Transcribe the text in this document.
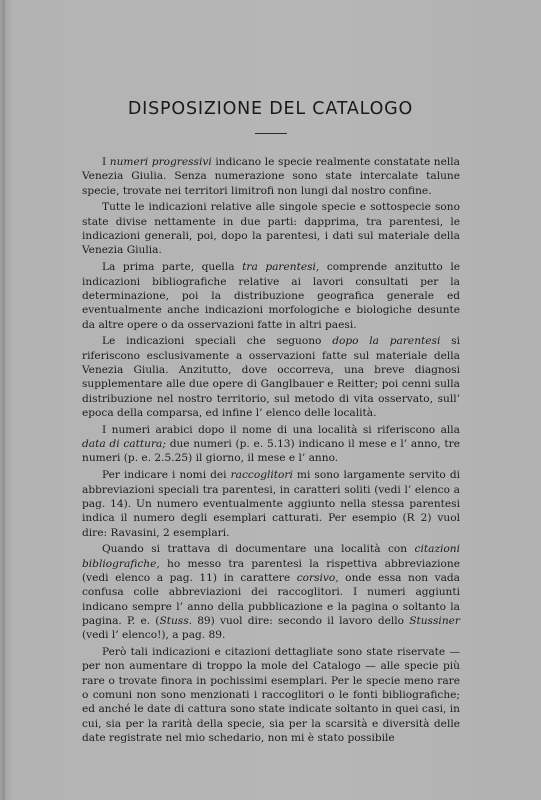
DISPOSIZIONE DEL CATALOGO

I numeri progressivi indicano le specie realmente constatate nella Venezia Giulia. Senza numerazione sono state intercalate talune specie, trovate nei territori limitrofi non lungi dal nostro confine.

Tutte le indicazioni relative alle singole specie e sottospecie sono state divise nettamente in due parti: dapprima, tra parentesi, le indicazioni generali, poi, dopo la parentesi, i dati sul materiale della Venezia Giulia.

La prima parte, quella tra parentesi, comprende anzitutto le indicazioni bibliografiche relative ai lavori consultati per la determinazione, poi la distribuzione geografica generale ed eventualmente anche indicazioni morfologiche e biologiche desunte da altre opere o da osservazioni fatte in altri paesi.

Le indicazioni speciali che seguono dopo la parentesi si riferiscono esclusivamente a osservazioni fatte sul materiale della Venezia Giulia. Anzitutto, dove occorreva, una breve diagnosi supplementare alle due opere di Ganglbauer e Reitter; poi cenni sulla distribuzione nel nostro territorio, sul metodo di vita osservato, sull’ epoca della comparsa, ed infine l’ elenco delle località.

I numeri arabici dopo il nome di una località si riferiscono alla data di cattura; due numeri (p. e. 5.13) indicano il mese e l’ anno, tre numeri (p. e. 2.5.25) il giorno, il mese e l’ anno.

Per indicare i nomi dei raccoglitori mi sono largamente servito di abbreviazioni speciali tra parentesi, in caratteri soliti (vedi l’ elenco a pag. 14). Un numero eventualmente aggiunto nella stessa parentesi indica il numero degli esemplari catturati. Per esempio (R 2) vuol dire: Ravasini, 2 esemplari.

Quando si trattava di documentare una località con citazioni bibliografiche, ho messo tra parentesi la rispettiva abbreviazione (vedi elenco a pag. 11) in carattere corsivo, onde essa non vada confusa colle abbreviazioni dei raccoglitori. I numeri aggiunti indicano sempre l’ anno della pubblicazione e la pagina o soltanto la pagina. P. e. (Stuss. 89) vuol dire: secondo il lavoro dello Stussiner (vedi l’ elenco!), a pag. 89.

Però tali indicazioni e citazioni dettagliate sono state riservate — per non aumentare di troppo la mole del Catalogo — alle specie più rare o trovate finora in pochissimi esemplari. Per le specie meno rare o comuni non sono menzionati i raccoglitori o le fonti bibliografiche; ed anché le date di cattura sono state indicate soltanto in quei casi, in cui, sia per la rarità della specie, sia per la scarsità e diversità delle date registrate nel mio schedario, non mi è stato possibile
